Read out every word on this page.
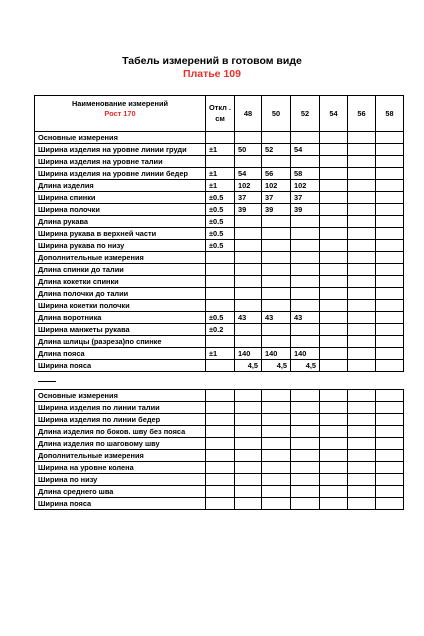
Табель измерений в готовом виде
Платье 109
Наименование измерений
Рост 170	Откл . см	48	50	52	54	56	58
Основные измерения							
Ширина изделия на уровне линии груди	±1	50	52	54			
Ширина изделия на уровне талии							
Ширина изделия на уровне линии бедер	±1	54	56	58			
Длина изделия	±1	102	102	102			
Ширина спинки	±0.5	37	37	37			
Ширина полочки	±0.5	39	39	39			
Длина рукава	±0.5						
Ширина рукава в верхней части	±0.5						
Ширина рукава по низу	±0.5						
Дополнительные измерения							
Длина спинки до талии							
Длина кокетки спинки							
Длина полочки до талии							
Ширина кокетки полочки							
Длина воротника	±0.5	43	43	43			
Ширина манжеты рукава	±0.2						
Длина шлицы (разреза)по спинке							
Длина пояса	±1	140	140	140			
Ширина пояса		4,5	4,5	4,5			
Основные измерения							
Ширина изделия по линии талии							
Ширина изделия по линии бедер							
Длина изделия по боков. шву без пояса							
Длина изделия по шаговому шву							
Дополнительные измерения							
Ширина на уровне колена							
Ширина по низу							
Длина среднего шва							
Ширина пояса							
